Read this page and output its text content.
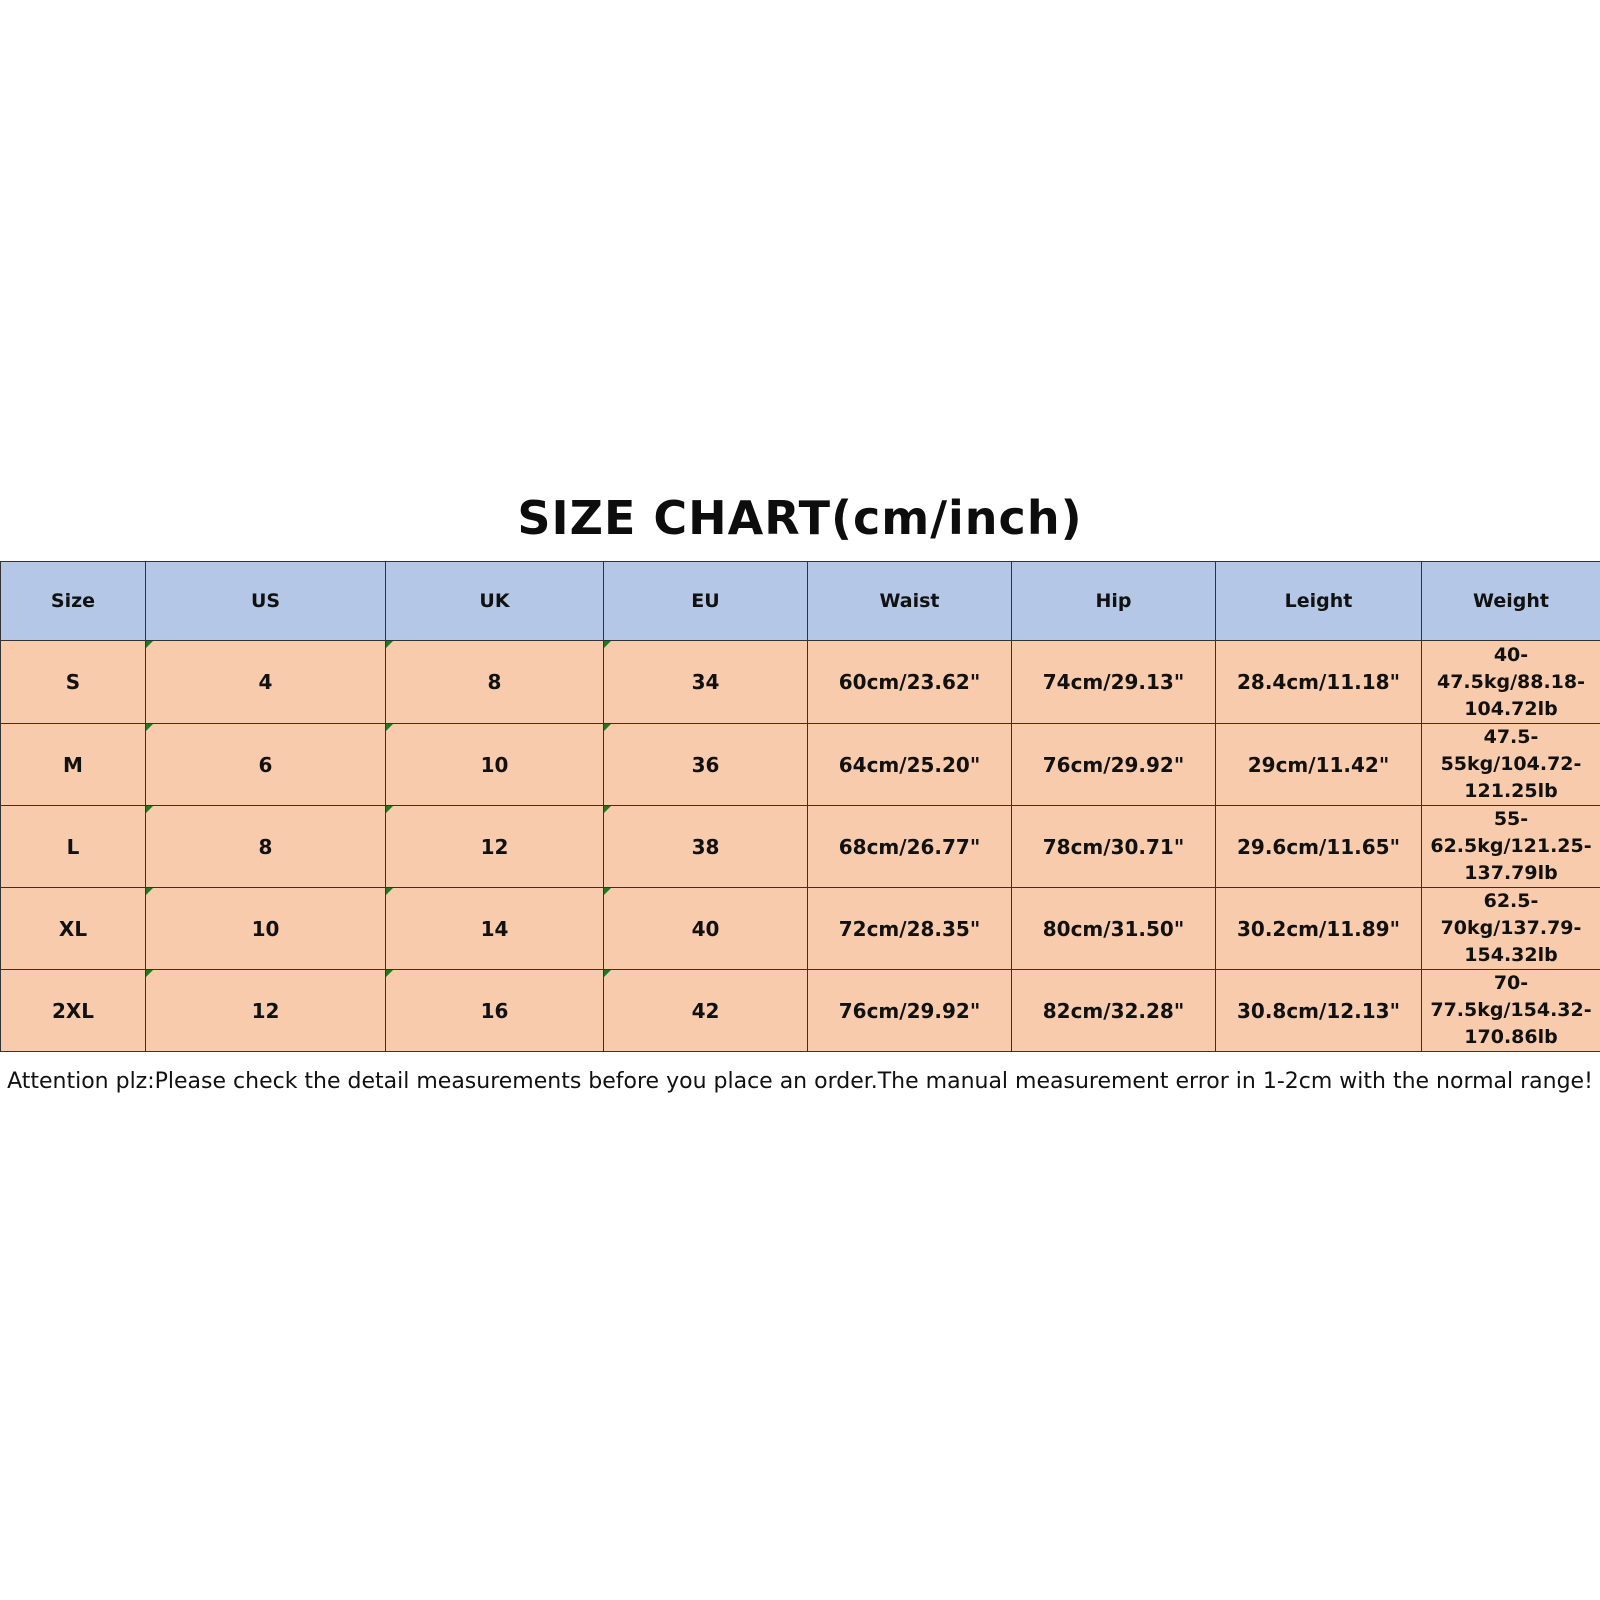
SIZE CHART(cm/inch)
Size	US	UK	EU	Waist	Hip	Leight	Weight
S	4	8	34	60cm/23.62"	74cm/29.13"	28.4cm/11.18"	40-47.5kg/88.18-104.72lb
M	6	10	36	64cm/25.20"	76cm/29.92"	29cm/11.42"	47.5-55kg/104.72-121.25lb
L	8	12	38	68cm/26.77"	78cm/30.71"	29.6cm/11.65"	55-62.5kg/121.25-137.79lb
XL	10	14	40	72cm/28.35"	80cm/31.50"	30.2cm/11.89"	62.5-70kg/137.79-154.32lb
2XL	12	16	42	76cm/29.92"	82cm/32.28"	30.8cm/12.13"	70-77.5kg/154.32-170.86lb
Attention plz:Please check the detail measurements before you place an order.The manual measurement error in 1-2cm with the normal range!
